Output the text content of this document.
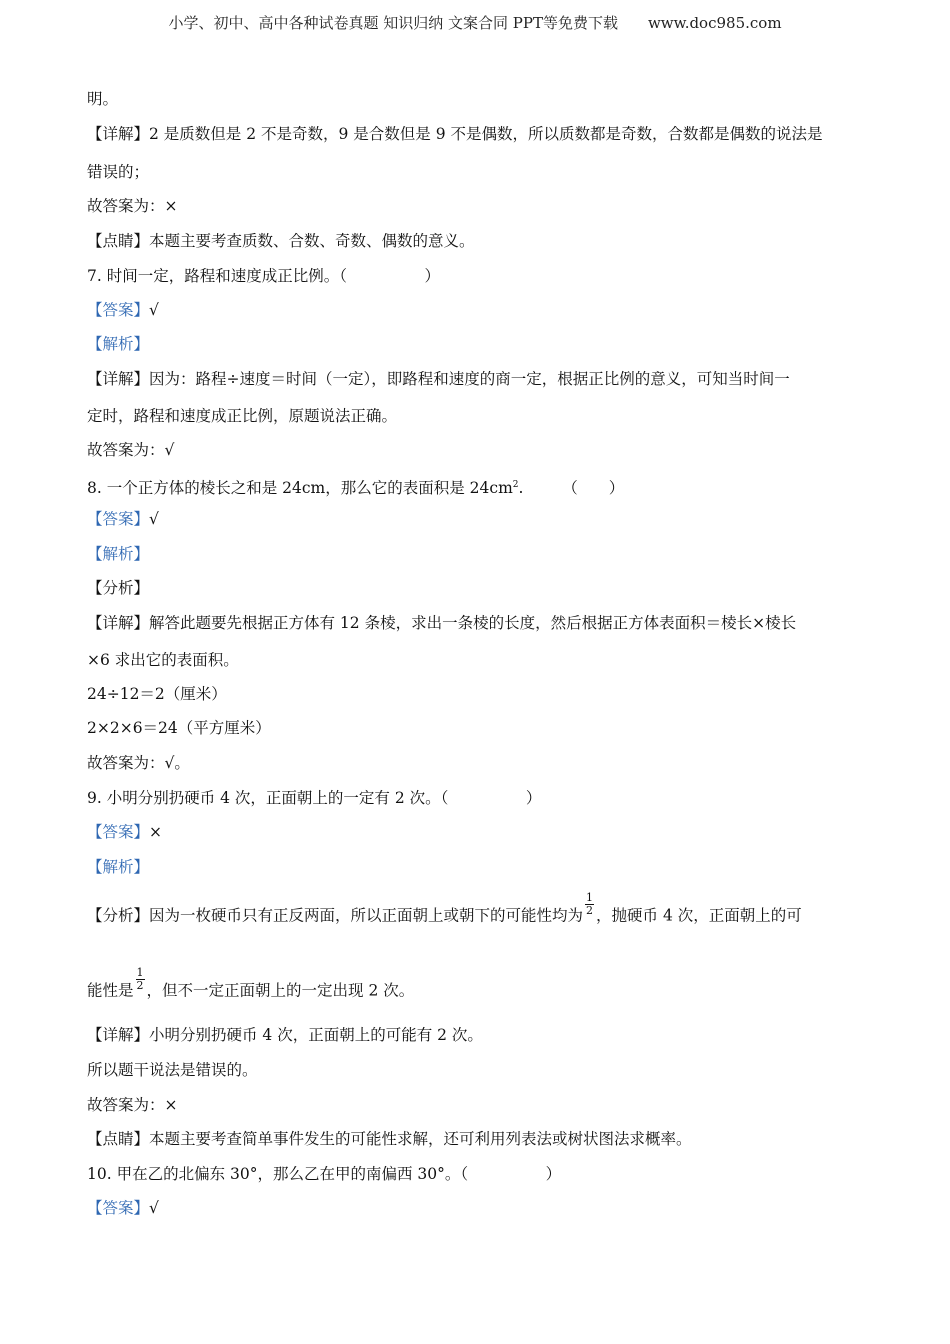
小学、初中、高中各种试卷真题 知识归纳 文案合同 PPT等免费下载　　www.doc985.com
明。
【详解】2 是质数但是 2 不是奇数，9 是合数但是 9 不是偶数，所以质数都是奇数，合数都是偶数的说法是
错误的；
故答案为：×
【点睛】本题主要考查质数、合数、奇数、偶数的意义。
7. 时间一定，路程和速度成正比例。（　　　　　）
【答案】√
【解析】
【详解】因为：路程÷速度＝时间（一定），即路程和速度的商一定，根据正比例的意义，可知当时间一
定时，路程和速度成正比例，原题说法正确。
故答案为：√
8. 一个正方体的棱长之和是 24cm，那么它的表面积是 $24cm^2$.　　　（　　）
【答案】√
【解析】
【分析】
【详解】解答此题要先根据正方体有 12 条棱，求出一条棱的长度，然后根据正方体表面积＝棱长×棱长
×6 求出它的表面积。
24÷12＝2（厘米）
2×2×6＝24（平方厘米）
故答案为：√。
9. 小明分别扔硬币 4 次，正面朝上的一定有 2 次。（　　　　　）
【答案】×
【解析】
【分析】因为一枚硬币只有正反两面，所以正面朝上或朝下的可能性均为 $\frac{1}{2}$ ，抛硬币 4 次，正面朝上的可
能性是 $\frac{1}{2}$ ，但不一定正面朝上的一定出现 2 次。
【详解】小明分别扔硬币 4 次，正面朝上的可能有 2 次。
所以题干说法是错误的。
故答案为：×
【点睛】本题主要考查简单事件发生的可能性求解，还可利用列表法或树状图法求概率。
10. 甲在乙的北偏东 30°，那么乙在甲的南偏西 30°。（　　　　　）
【答案】√
